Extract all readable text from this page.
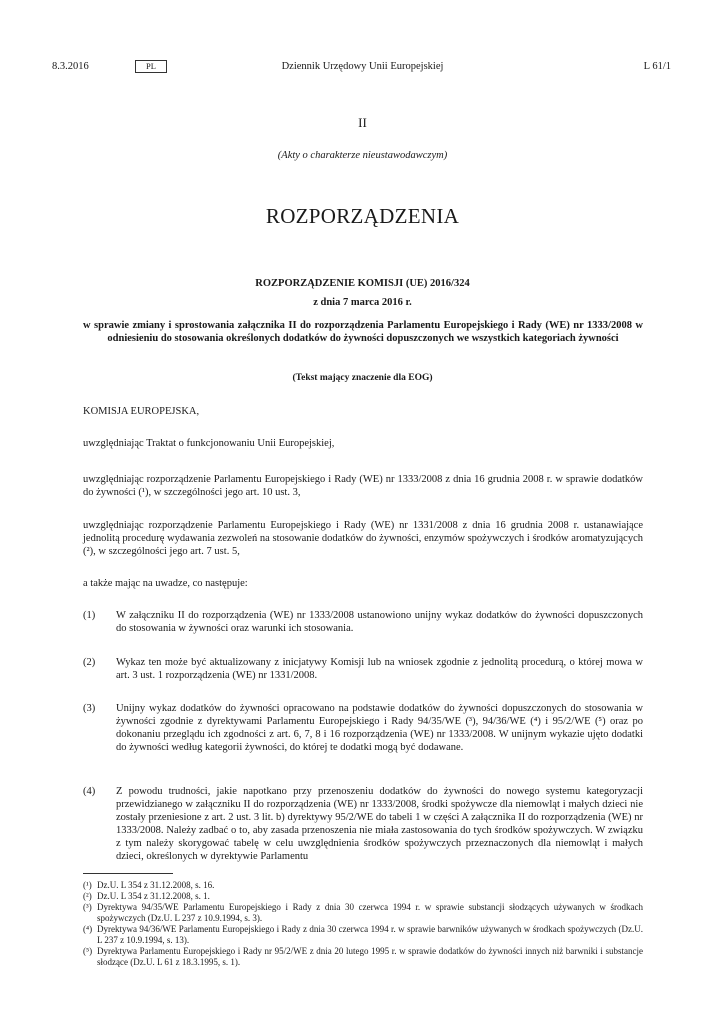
8.3.2016	PL	Dziennik Urzędowy Unii Europejskiej	L 61/1
II
(Akty o charakterze nieustawodawczym)
ROZPORZĄDZENIA
ROZPORZĄDZENIE KOMISJI (UE) 2016/324
z dnia 7 marca 2016 r.
w sprawie zmiany i sprostowania załącznika II do rozporządzenia Parlamentu Europejskiego i Rady (WE) nr 1333/2008 w odniesieniu do stosowania określonych dodatków do żywności dopuszczonych we wszystkich kategoriach żywności
(Tekst mający znaczenie dla EOG)
KOMISJA EUROPEJSKA,
uwzględniając Traktat o funkcjonowaniu Unii Europejskiej,
uwzględniając rozporządzenie Parlamentu Europejskiego i Rady (WE) nr 1333/2008 z dnia 16 grudnia 2008 r. w sprawie dodatków do żywności (¹), w szczególności jego art. 10 ust. 3,
uwzględniając rozporządzenie Parlamentu Europejskiego i Rady (WE) nr 1331/2008 z dnia 16 grudnia 2008 r. ustanawiające jednolitą procedurę wydawania zezwoleń na stosowanie dodatków do żywności, enzymów spożywczych i środków aromatyzujących (²), w szczególności jego art. 7 ust. 5,
a także mając na uwadze, co następuje:
(1)	W załączniku II do rozporządzenia (WE) nr 1333/2008 ustanowiono unijny wykaz dodatków do żywności dopuszczonych do stosowania w żywności oraz warunki ich stosowania.
(2)	Wykaz ten może być aktualizowany z inicjatywy Komisji lub na wniosek zgodnie z jednolitą procedurą, o której mowa w art. 3 ust. 1 rozporządzenia (WE) nr 1331/2008.
(3)	Unijny wykaz dodatków do żywności opracowano na podstawie dodatków do żywności dopuszczonych do stosowania w żywności zgodnie z dyrektywami Parlamentu Europejskiego i Rady 94/35/WE (³), 94/36/WE (⁴) i 95/2/WE (⁵) oraz po dokonaniu przeglądu ich zgodności z art. 6, 7, 8 i 16 rozporządzenia (WE) nr 1333/2008. W unijnym wykazie ujęto dodatki do żywności według kategorii żywności, do której te dodatki mogą być dodawane.
(4)	Z powodu trudności, jakie napotkano przy przenoszeniu dodatków do żywności do nowego systemu kategoryzacji przewidzianego w załączniku II do rozporządzenia (WE) nr 1333/2008, środki spożywcze dla niemowląt i małych dzieci nie zostały przeniesione z art. 2 ust. 3 lit. b) dyrektywy 95/2/WE do tabeli 1 w części A załącznika II do rozporządzenia (WE) nr 1333/2008. Należy zadbać o to, aby zasada przenoszenia nie miała zastosowania do tych środków spożywczych. W związku z tym należy skorygować tabelę w celu uwzględnienia środków spożywczych przeznaczonych dla niemowląt i małych dzieci, określonych w dyrektywie Parlamentu
(¹) Dz.U. L 354 z 31.12.2008, s. 16.
(²) Dz.U. L 354 z 31.12.2008, s. 1.
(³) Dyrektywa 94/35/WE Parlamentu Europejskiego i Rady z dnia 30 czerwca 1994 r. w sprawie substancji słodzących używanych w środkach spożywczych (Dz.U. L 237 z 10.9.1994, s. 3).
(⁴) Dyrektywa 94/36/WE Parlamentu Europejskiego i Rady z dnia 30 czerwca 1994 r. w sprawie barwników używanych w środkach spożywczych (Dz.U. L 237 z 10.9.1994, s. 13).
(⁵) Dyrektywa Parlamentu Europejskiego i Rady nr 95/2/WE z dnia 20 lutego 1995 r. w sprawie dodatków do żywności innych niż barwniki i substancje słodzące (Dz.U. L 61 z 18.3.1995, s. 1).
